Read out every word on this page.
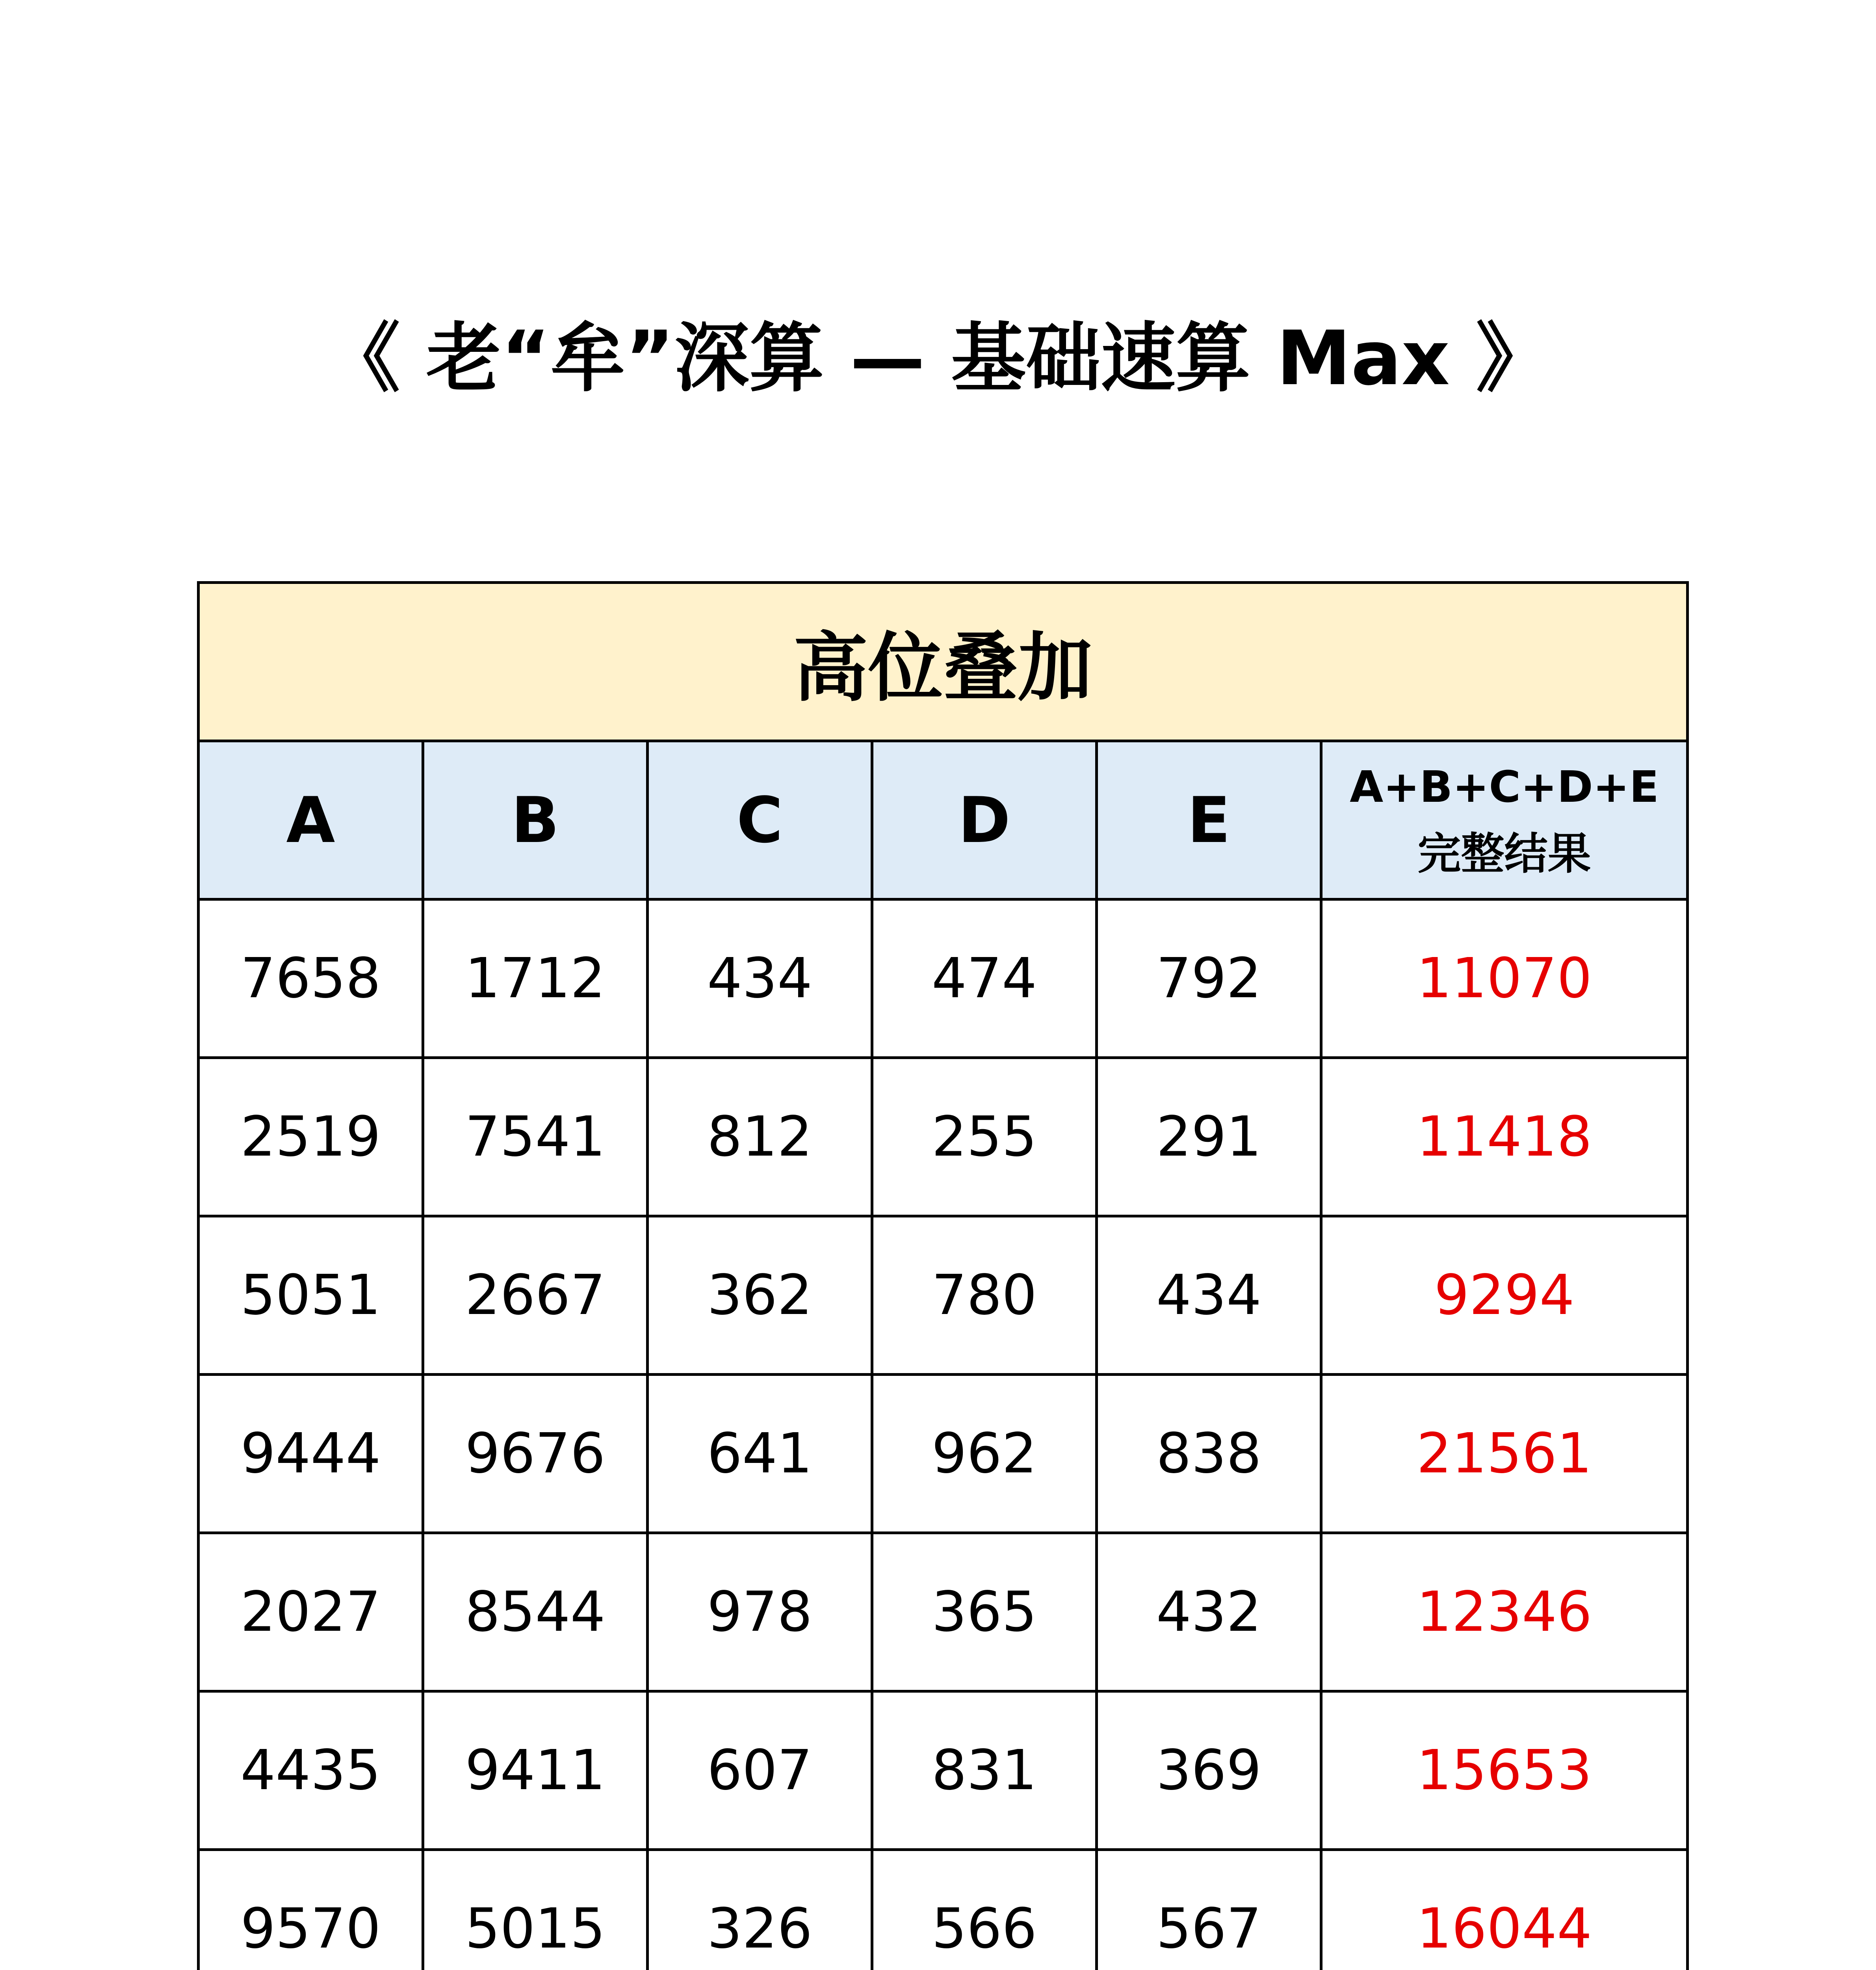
《 老“牟”深算 — 基础速算 Max 》
高位叠加					
A	B	C	D	E	A+B+C+D+E
完整结果

7658	1712	434	474	792	11070
2519	7541	812	255	291	11418
5051	2667	362	780	434	9294
9444	9676	641	962	838	21561
2027	8544	978	365	432	12346
4435	9411	607	831	369	15653
9570	5015	326	566	567	16044
